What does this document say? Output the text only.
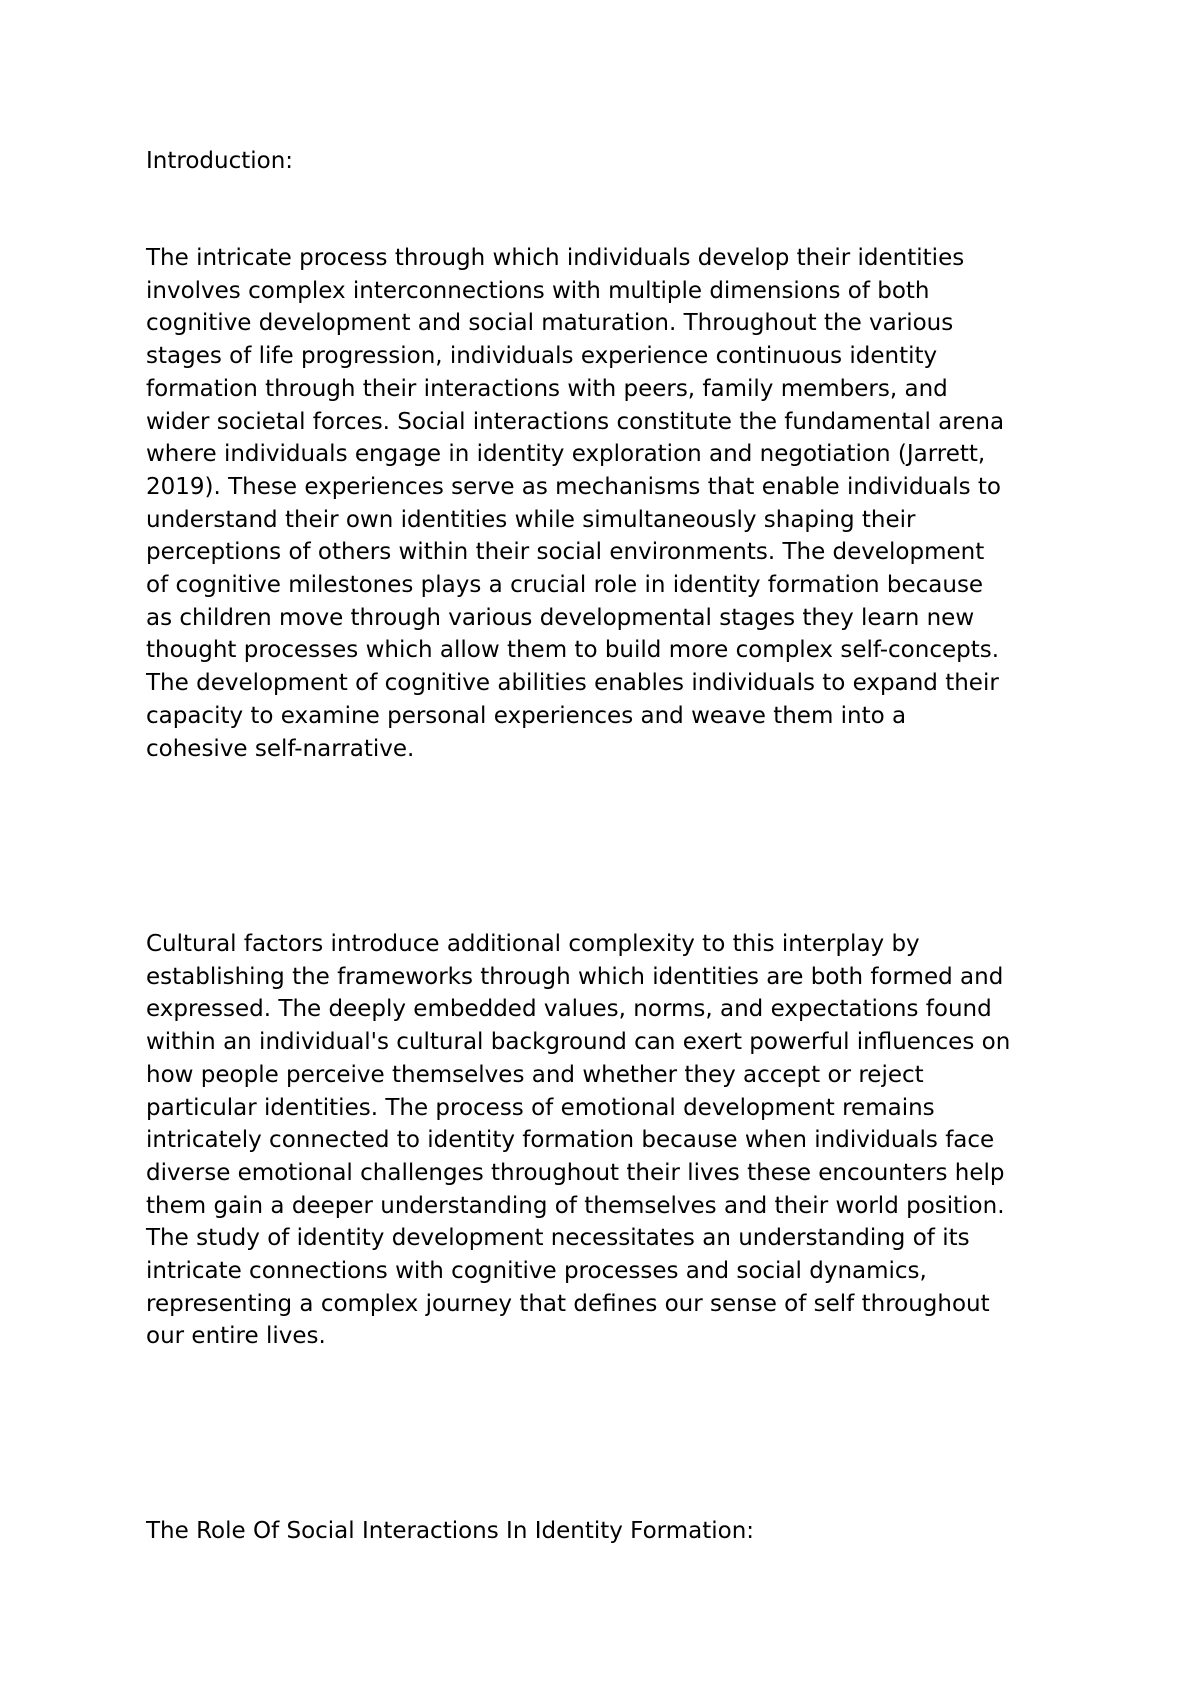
Introduction:
The intricate process through which individuals develop their identities
involves complex interconnections with multiple dimensions of both
cognitive development and social maturation. Throughout the various
stages of life progression, individuals experience continuous identity
formation through their interactions with peers, family members, and
wider societal forces. Social interactions constitute the fundamental arena
where individuals engage in identity exploration and negotiation (Jarrett,
2019). These experiences serve as mechanisms that enable individuals to
understand their own identities while simultaneously shaping their
perceptions of others within their social environments. The development
of cognitive milestones plays a crucial role in identity formation because
as children move through various developmental stages they learn new
thought processes which allow them to build more complex self-concepts.
The development of cognitive abilities enables individuals to expand their
capacity to examine personal experiences and weave them into a
cohesive self-narrative.
Cultural factors introduce additional complexity to this interplay by
establishing the frameworks through which identities are both formed and
expressed. The deeply embedded values, norms, and expectations found
within an individual's cultural background can exert powerful influences on
how people perceive themselves and whether they accept or reject
particular identities. The process of emotional development remains
intricately connected to identity formation because when individuals face
diverse emotional challenges throughout their lives these encounters help
them gain a deeper understanding of themselves and their world position.
The study of identity development necessitates an understanding of its
intricate connections with cognitive processes and social dynamics,
representing a complex journey that defines our sense of self throughout
our entire lives.
The Role Of Social Interactions In Identity Formation:
